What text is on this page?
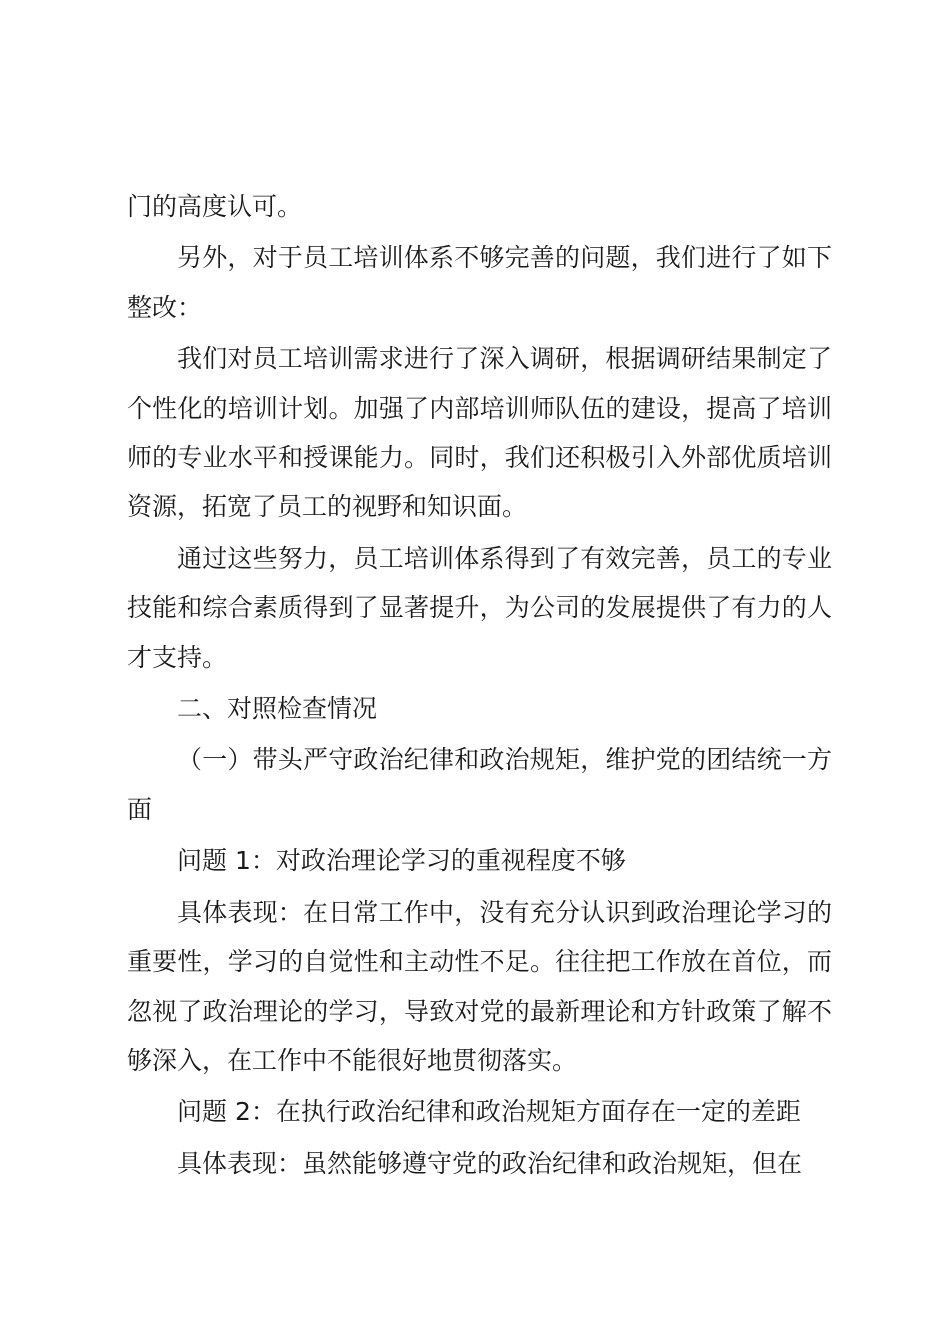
门的高度认可。

另外，对于员工培训体系不够完善的问题，我们进行了如下整改：

我们对员工培训需求进行了深入调研，根据调研结果制定了个性化的培训计划。加强了内部培训师队伍的建设，提高了培训师的专业水平和授课能力。同时，我们还积极引入外部优质培训资源，拓宽了员工的视野和知识面。

通过这些努力，员工培训体系得到了有效完善，员工的专业技能和综合素质得到了显著提升，为公司的发展提供了有力的人才支持。

二、对照检查情况

（一）带头严守政治纪律和政治规矩，维护党的团结统一方面

问题 1：对政治理论学习的重视程度不够

具体表现：在日常工作中，没有充分认识到政治理论学习的重要性，学习的自觉性和主动性不足。往往把工作放在首位，而忽视了政治理论的学习，导致对党的最新理论和方针政策了解不够深入，在工作中不能很好地贯彻落实。

问题 2：在执行政治纪律和政治规矩方面存在一定的差距

具体表现：虽然能够遵守党的政治纪律和政治规矩，但在
